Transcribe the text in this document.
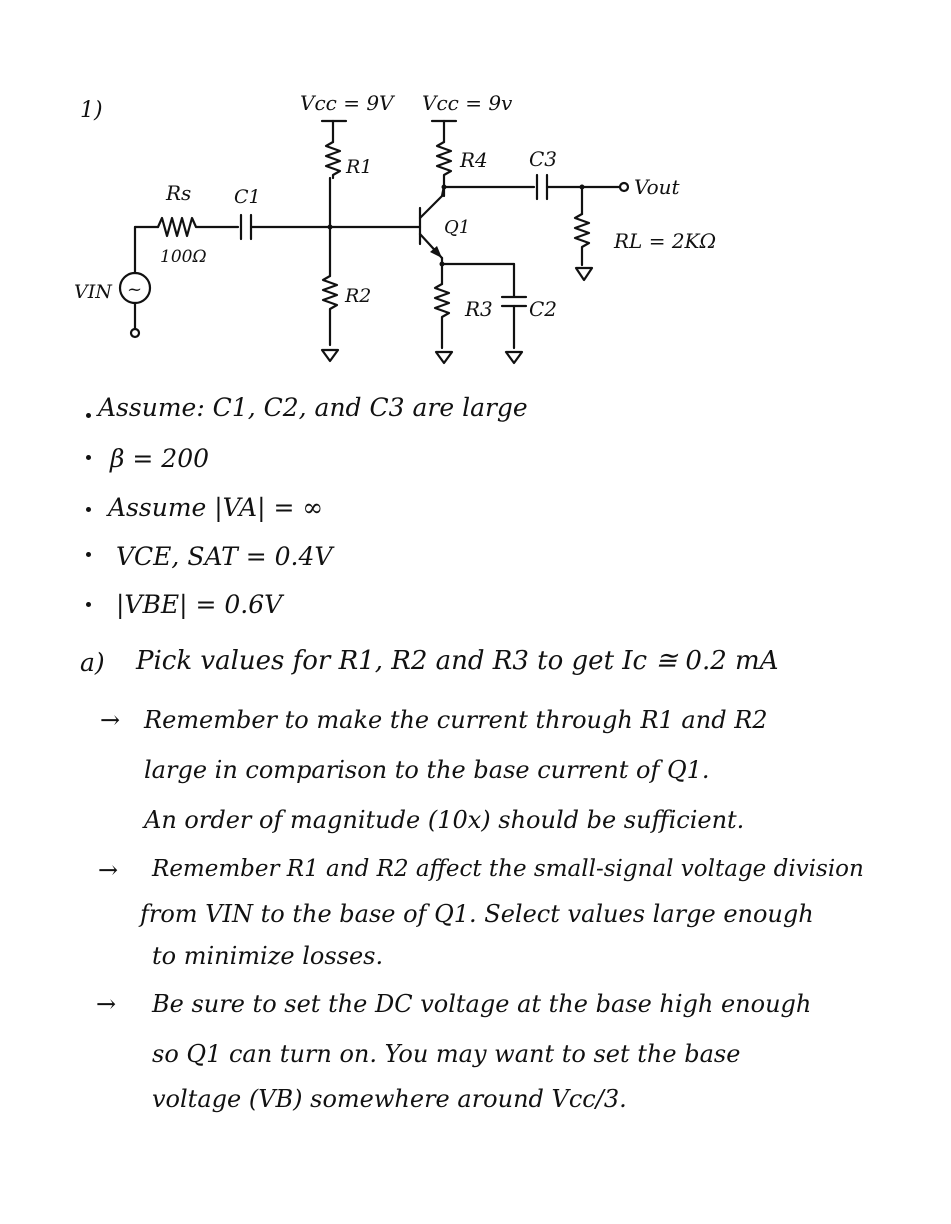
1)	Vcc = 9V Vcc = 9v
R1
R2
~
VIN
Rs
100Ω
C1
Q1
R4 C3
Vout
RL = 2KΩ
R3 C2
Assume: C1, C2, and C3 are large
β = 200
Assume |VA| = ∞
VCE, SAT = 0.4V
|VBE| = 0.6V
a) Pick values for R1, R2 and R3 to get Ic ≅ 0.2 mA
→ Remember to make the current through R1 and R2
large in comparison to the base current of Q1.
An order of magnitude (10x) should be sufficient.
→ Remember R1 and R2 affect the small-signal voltage division
from VIN to the base of Q1. Select values large enough
to minimize losses.
→ Be sure to set the DC voltage at the base high enough
so Q1 can turn on. You may want to set the base
voltage (VB) somewhere around Vcc/3.
